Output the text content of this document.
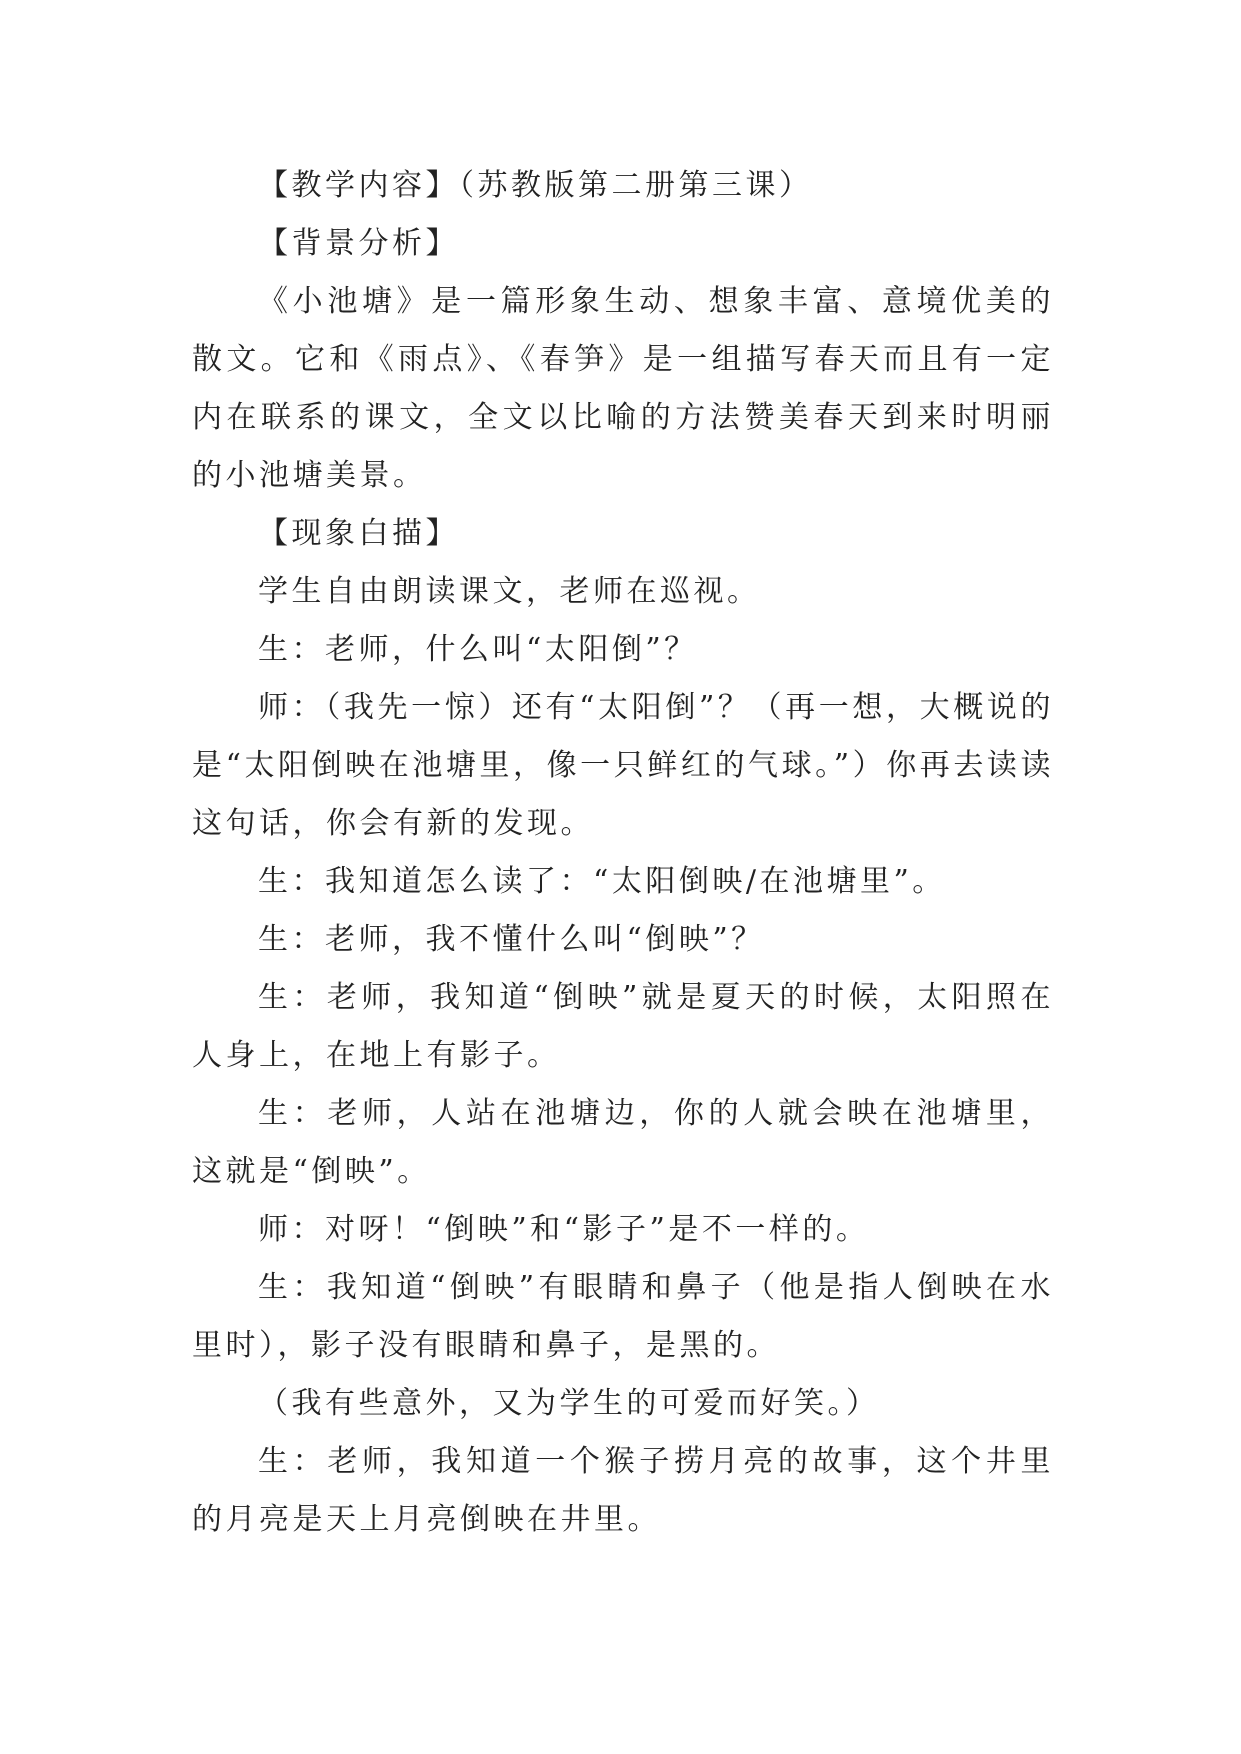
【教学内容】（苏教版第二册第三课）

【背景分析】

《小池塘》是一篇形象生动、想象丰富、意境优美的散文。它和《雨点》、《春笋》是一组描写春天而且有一定内在联系的课文，全文以比喻的方法赞美春天到来时明丽的小池塘美景。

【现象白描】

学生自由朗读课文，老师在巡视。

生：老师，什么叫“太阳倒”？

师：（我先一惊）还有“太阳倒”？（再一想，大概说的是“太阳倒映在池塘里，像一只鲜红的气球。”）你再去读读这句话，你会有新的发现。

生：我知道怎么读了：“太阳倒映/在池塘里”。

生：老师，我不懂什么叫“倒映”？

生：老师，我知道“倒映”就是夏天的时候，太阳照在人身上，在地上有影子。

生：老师，人站在池塘边，你的人就会映在池塘里，这就是“倒映”。

师：对呀！“倒映”和“影子”是不一样的。

生：我知道“倒映”有眼睛和鼻子（他是指人倒映在水里时），影子没有眼睛和鼻子，是黑的。

（我有些意外，又为学生的可爱而好笑。）

生：老师，我知道一个猴子捞月亮的故事，这个井里的月亮是天上月亮倒映在井里。
